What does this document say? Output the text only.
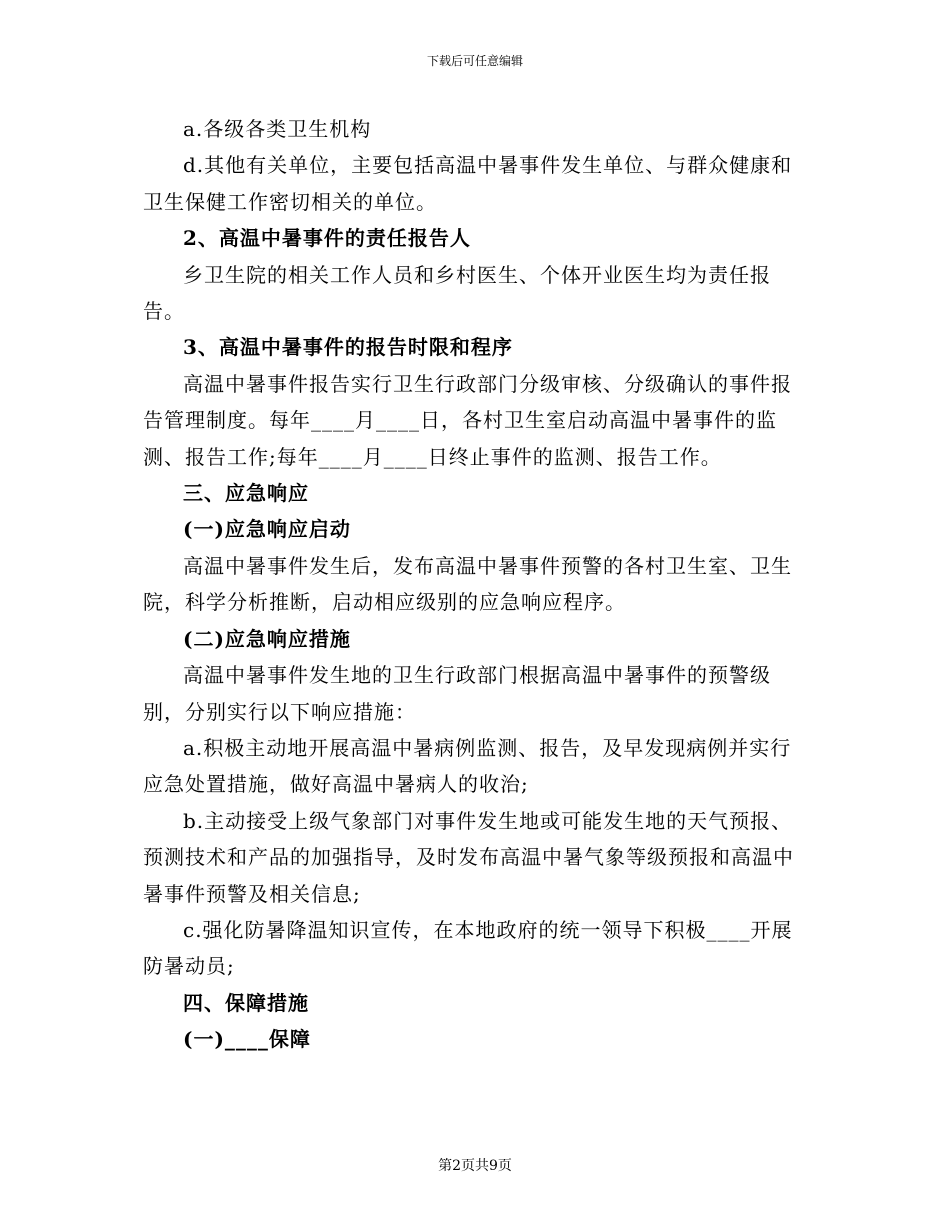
下载后可任意编辑

a.各级各类卫生机构

d.其他有关单位，主要包括高温中暑事件发生单位、与群众健康和卫生保健工作密切相关的单位。

2、高温中暑事件的责任报告人

乡卫生院的相关工作人员和乡村医生、个体开业医生均为责任报告。

3、高温中暑事件的报告时限和程序

高温中暑事件报告实行卫生行政部门分级审核、分级确认的事件报告管理制度。每年____月____日，各村卫生室启动高温中暑事件的监测、报告工作;每年____月____日终止事件的监测、报告工作。

三、应急响应

(一)应急响应启动

高温中暑事件发生后，发布高温中暑事件预警的各村卫生室、卫生院，科学分析推断，启动相应级别的应急响应程序。

(二)应急响应措施

高温中暑事件发生地的卫生行政部门根据高温中暑事件的预警级别，分别实行以下响应措施：

a.积极主动地开展高温中暑病例监测、报告，及早发现病例并实行应急处置措施，做好高温中暑病人的收治;

b.主动接受上级气象部门对事件发生地或可能发生地的天气预报、预测技术和产品的加强指导，及时发布高温中暑气象等级预报和高温中暑事件预警及相关信息;

c.强化防暑降温知识宣传，在本地政府的统一领导下积极____开展防暑动员;

四、保障措施

(一)____保障

第2页共9页
